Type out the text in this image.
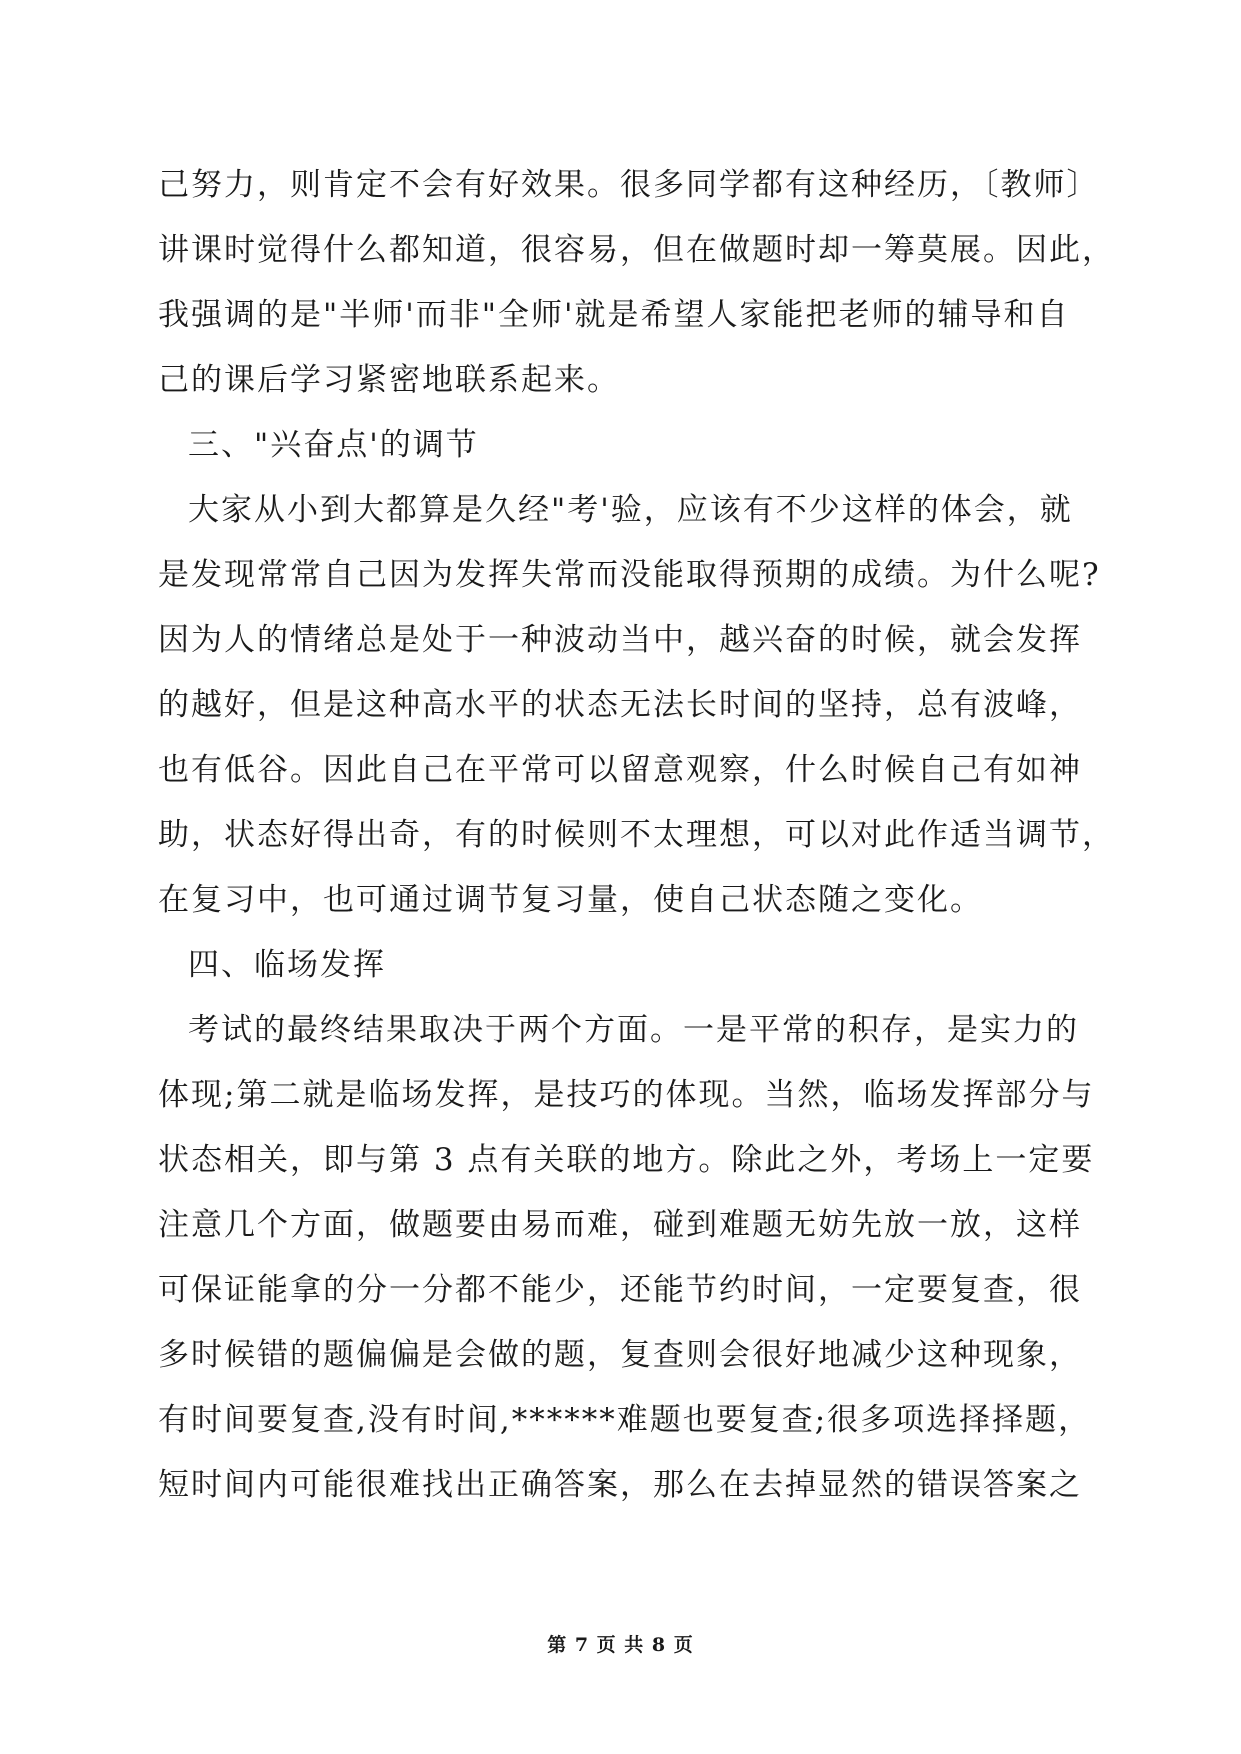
己努力，则肯定不会有好效果。很多同学都有这种经历，〔教师〕
讲课时觉得什么都知道，很容易，但在做题时却一筹莫展。因此，
我强调的是"半师'而非"全师'就是希望人家能把老师的辅导和自
己的课后学习紧密地联系起来。
三、"兴奋点'的调节
大家从小到大都算是久经"考'验，应该有不少这样的体会，就
是发现常常自己因为发挥失常而没能取得预期的成绩。为什么呢?
因为人的情绪总是处于一种波动当中，越兴奋的时候，就会发挥
的越好，但是这种高水平的状态无法长时间的坚持，总有波峰，
也有低谷。因此自己在平常可以留意观察，什么时候自己有如神
助，状态好得出奇，有的时候则不太理想，可以对此作适当调节，
在复习中，也可通过调节复习量，使自己状态随之变化。
四、临场发挥
考试的最终结果取决于两个方面。一是平常的积存，是实力的
体现;第二就是临场发挥，是技巧的体现。当然，临场发挥部分与
状态相关，即与第 3 点有关联的地方。除此之外，考场上一定要
注意几个方面，做题要由易而难，碰到难题无妨先放一放，这样
可保证能拿的分一分都不能少，还能节约时间，一定要复查，很
多时候错的题偏偏是会做的题，复查则会很好地减少这种现象，
有时间要复查,没有时间,******难题也要复查;很多项选择择题，
短时间内可能很难找出正确答案，那么在去掉显然的错误答案之
第 7 页 共 8 页
